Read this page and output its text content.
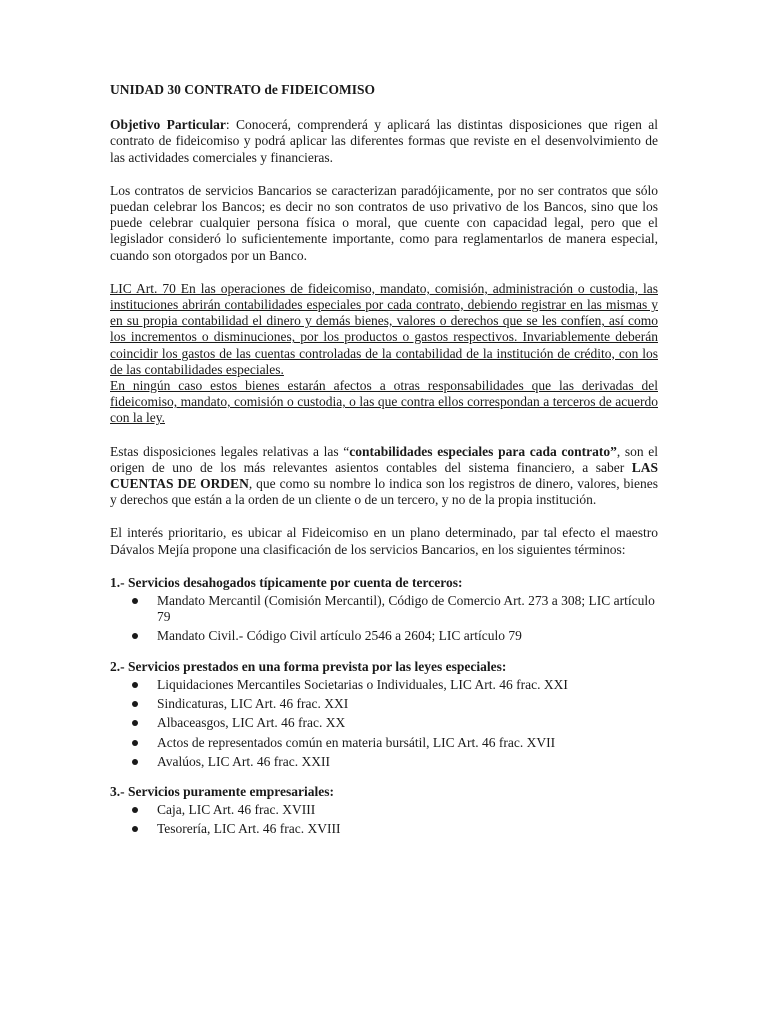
UNIDAD 30 CONTRATO de FIDEICOMISO

Objetivo Particular: Conocerá, comprenderá y aplicará las distintas disposiciones que rigen al contrato de fideicomiso y podrá aplicar las diferentes formas que reviste en el desenvolvimiento de las actividades comerciales y financieras.

Los contratos de servicios Bancarios se caracterizan paradójicamente, por no ser contratos que sólo puedan celebrar los Bancos; es decir no son contratos de uso privativo de los Bancos, sino que los puede celebrar cualquier persona física o moral, que cuente con capacidad legal, pero que el legislador consideró lo suficientemente importante, como para reglamentarlos de manera especial, cuando son otorgados por un Banco.

LIC Art. 70 En las operaciones de fideicomiso, mandato, comisión, administración o custodia, las instituciones abrirán contabilidades especiales por cada contrato, debiendo registrar en las mismas y en su propia contabilidad el dinero y demás bienes, valores o derechos que se les confíen, así como los incrementos o disminuciones, por los productos o gastos respectivos. Invariablemente deberán coincidir los gastos de las cuentas controladas de la contabilidad de la institución de crédito, con los de las contabilidades especiales.

En ningún caso estos bienes estarán afectos a otras responsabilidades que las derivadas del fideicomiso, mandato, comisión o custodia, o las que contra ellos correspondan a terceros de acuerdo con la ley.

Estas disposiciones legales relativas a las “contabilidades especiales para cada contrato”, son el origen de uno de los más relevantes asientos contables del sistema financiero, a saber LAS CUENTAS DE ORDEN, que como su nombre lo indica son los registros de dinero, valores, bienes y derechos que están a la orden de un cliente o de un tercero, y no de la propia institución.

El interés prioritario, es ubicar al Fideicomiso en un plano determinado, par tal efecto el maestro Dávalos Mejía propone una clasificación de los servicios Bancarios, en los siguientes términos:

1.- Servicios desahogados típicamente por cuenta de terceros:
Mandato Mercantil (Comisión Mercantil), Código de Comercio Art. 273 a 308; LIC artículo 79
Mandato Civil.- Código Civil artículo 2546 a 2604; LIC artículo 79
2.- Servicios prestados en una forma prevista por las leyes especiales:
Liquidaciones Mercantiles Societarias o Individuales, LIC Art. 46 frac. XXI
Sindicaturas, LIC Art. 46 frac. XXI
Albaceasgos, LIC Art. 46 frac. XX
Actos de representados común en materia bursátil, LIC Art. 46 frac. XVII
Avalúos, LIC Art. 46 frac. XXII
3.- Servicios puramente empresariales:
Caja, LIC Art. 46 frac. XVIII
Tesorería, LIC Art. 46 frac. XVIII
